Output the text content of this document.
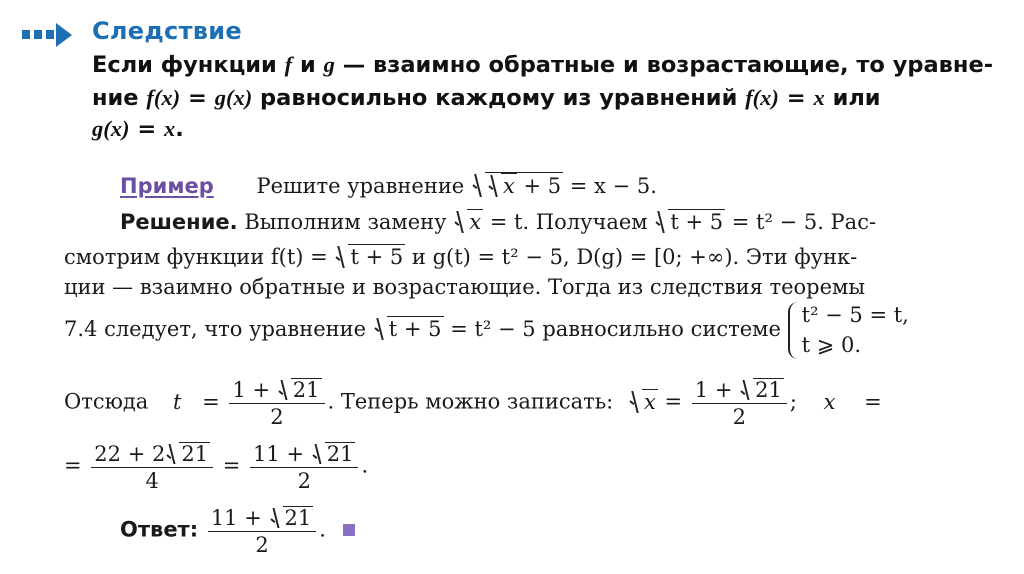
Следствие
Если функции f и g — взаимно обратные и возрастающие, то уравне-
ние f(x) = g(x) равносильно каждому из уравнений f(x) = x или
g(x) = x.
Пример Решите уравнение x + 5 = x − 5.
Решение. Выполним замену x = t. Получаем t + 5 = t² − 5. Рас-
смотрим функции f(t) = t + 5 и g(t) = t² − 5, D(g) = [0; +∞). Эти функ-
ции — взаимно обратные и возрастающие. Тогда из следствия теоремы
7.4 следует, что уравнение t + 5 = t² − 5 равносильно системе
t² − 5 = t,
t ⩾ 0.
Отсюда $t = \frac{1 + 21}{2}$ . Теперь можно записать: $x = \frac{1 + 21}{2}$ ; x =
= $\frac{22 + 2 21}{4} = \frac{11 + 21}{2}$ .
Ответ: $\frac{11 + 21}{2}$ .
